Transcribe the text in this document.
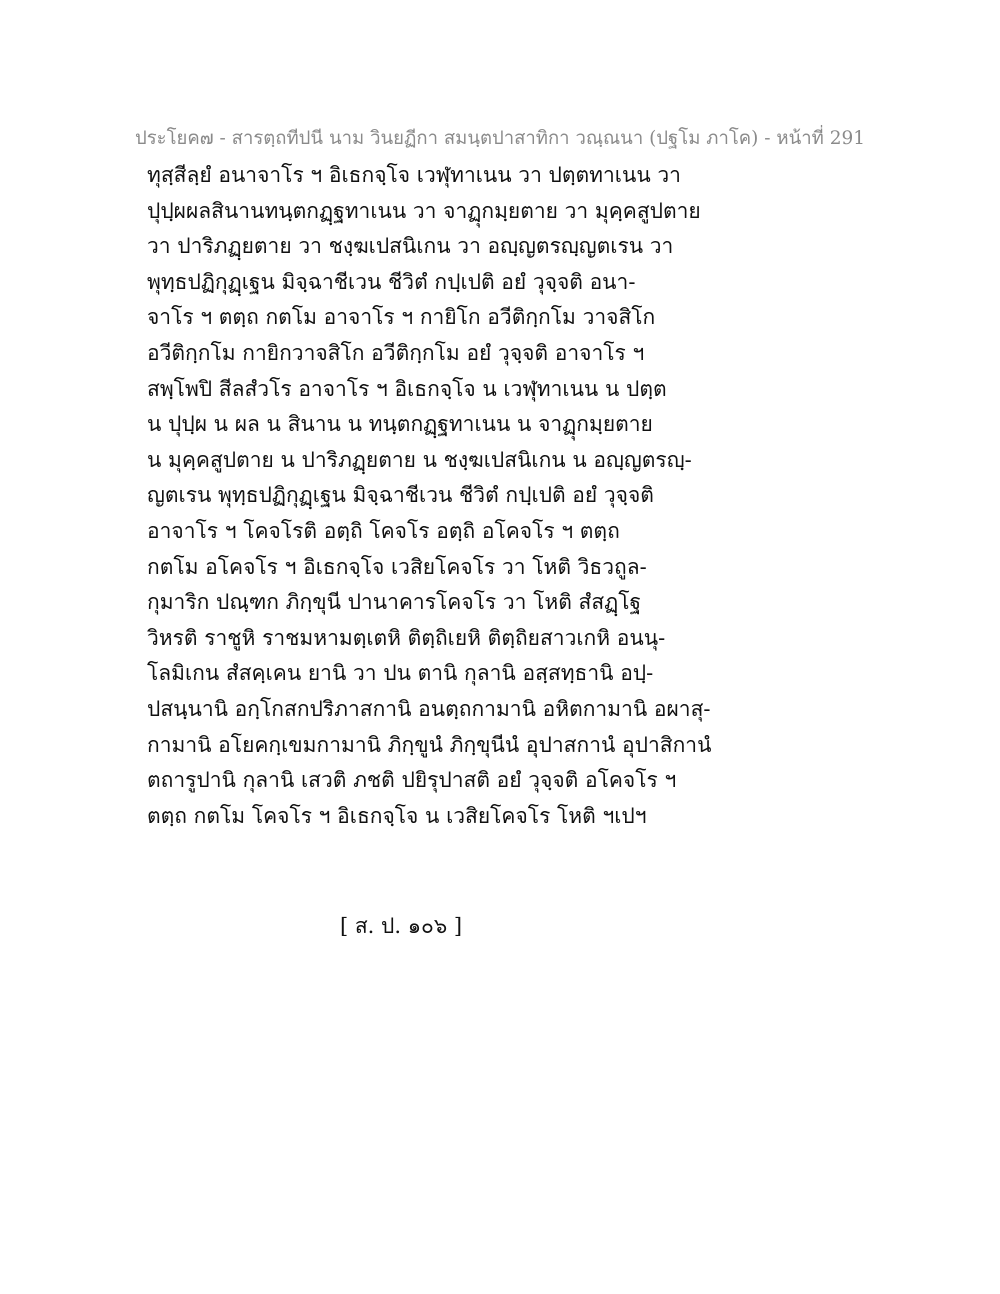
ประโยค๗ - สารตฺถทีปนี นาม วินยฏีกา สมนฺตปาสาทิกา วณฺณนา (ปฐโม ภาโค) - หน้าที่ 291
ทุสฺสีลฺยํ อนาจาโร ฯ อิเธกจฺโจ เวฬุทาเนน วา ปตฺตทาเนน วา
ปุปฺผผลสินานทนฺตกฏฺฐทาเนน วา จาฏุกมฺยตาย วา มุคฺคสูปตาย
วา ปาริภฏฺยตาย วา ชงฺฆเปสนิเกน วา อญฺญตรญฺญตเรน วา
พุทฺธปฏิกุฏฺเฐน มิจฺฉาชีเวน ชีวิตํ กปฺเปติ อยํ วุจฺจติ อนา-
จาโร ฯ ตตฺถ กตโม อาจาโร ฯ กายิโก อวีติกฺกโม วาจสิโก
อวีติกฺกโม กายิกวาจสิโก อวีติกฺกโม อยํ วุจฺจติ อาจาโร ฯ
สพฺโพปิ สีลสํวโร อาจาโร ฯ อิเธกจฺโจ น เวฬุทาเนน น ปตฺต
น ปุปฺผ น ผล น สินาน น ทนฺตกฏฺฐทาเนน น จาฏุกมฺยตาย
น มุคฺคสูปตาย น ปาริภฏฺยตาย น ชงฺฆเปสนิเกน น อญฺญตรญฺ-
ญตเรน พุทฺธปฏิกุฏฺเฐน มิจฺฉาชีเวน ชีวิตํ กปฺเปติ อยํ วุจฺจติ
อาจาโร ฯ โคจโรติ อตฺถิ โคจโร อตฺถิ อโคจโร ฯ ตตฺถ
กตโม อโคจโร ฯ อิเธกจฺโจ เวสิยโคจโร วา โหติ วิธวถูล-
กุมาริก ปณฺฑก ภิกฺขุนี ปานาคารโคจโร วา โหติ สํสฏฺโฐ
วิหรติ ราชูหิ ราชมหามตฺเตหิ ติตฺถิเยหิ ติตฺถิยสาวเกหิ อนนุ-
โลมิเกน สํสคฺเคน ยานิ วา ปน ตานิ กุลานิ อสฺสทฺธานิ อปฺ-
ปสนฺนานิ อกฺโกสกปริภาสกานิ อนตฺถกามานิ อหิตกามานิ อผาสุ-
กามานิ อโยคกฺเขมกามานิ ภิกฺขูนํ ภิกฺขุนีนํ อุปาสกานํ อุปาสิกานํ
ตถารูปานิ กุลานิ เสวติ ภชติ ปยิรุปาสติ อยํ วุจฺจติ อโคจโร ฯ
ตตฺถ กตโม โคจโร ฯ อิเธกจฺโจ น เวสิยโคจโร โหติ ฯเปฯ
[ ส. ป. ๑๐๖ ]
